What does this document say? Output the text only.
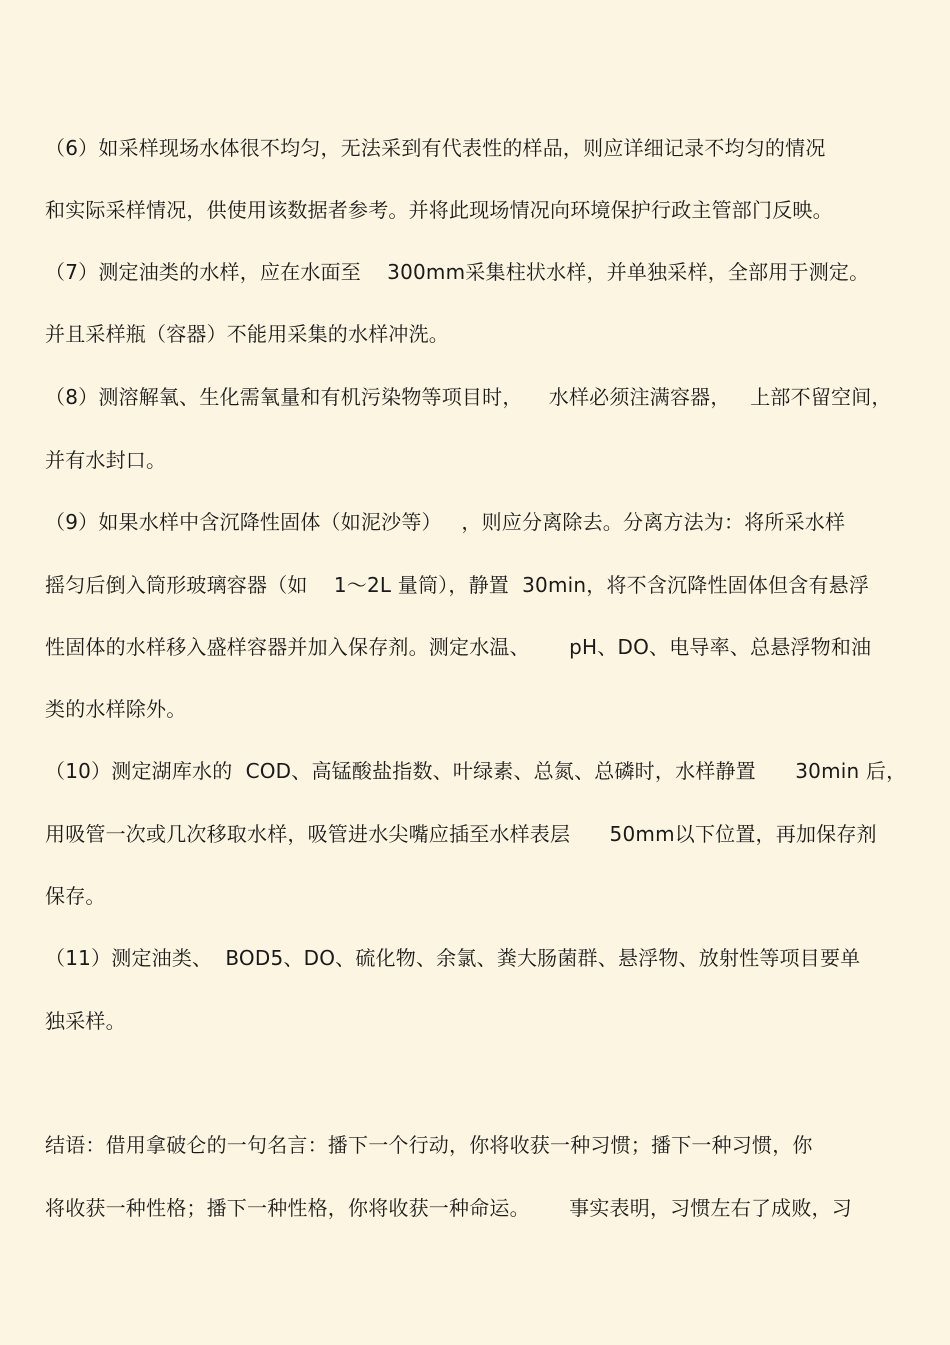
（6）如采样现场水体很不均匀，无法采到有代表性的样品，则应详细记录不均匀的情况
和实际采样情况，供使用该数据者参考。并将此现场情况向环境保护行政主管部门反映。
（7）测定油类的水样，应在水面至    300mm采集柱状水样，并单独采样，全部用于测定。
并且采样瓶（容器）不能用采集的水样冲洗。
（8）测溶解氧、生化需氧量和有机污染物等项目时，    水样必须注满容器，   上部不留空间，
并有水封口。
（9）如果水样中含沉降性固体（如泥沙等）   ，则应分离除去。分离方法为：将所采水样
摇匀后倒入筒形玻璃容器（如    1～2L 量筒），静置  30min，将不含沉降性固体但含有悬浮
性固体的水样移入盛样容器并加入保存剂。测定水温、      pH、DO、电导率、总悬浮物和油
类的水样除外。
（10）测定湖库水的  COD、高锰酸盐指数、叶绿素、总氮、总磷时，水样静置      30min 后，
用吸管一次或几次移取水样，吸管进水尖嘴应插至水样表层      50mm以下位置，再加保存剂
保存。
（11）测定油类、  BOD5、DO、硫化物、余氯、粪大肠菌群、悬浮物、放射性等项目要单
独采样。
结语：借用拿破仑的一句名言：播下一个行动，你将收获一种习惯；播下一种习惯，你
将收获一种性格；播下一种性格，你将收获一种命运。      事实表明，习惯左右了成败，习
